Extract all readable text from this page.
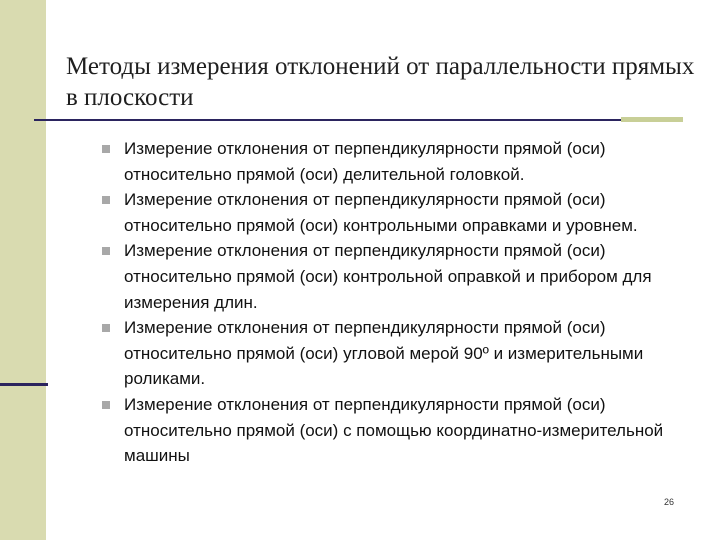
Методы измерения отклонений от параллельности прямых в плоскости
Измерение отклонения от перпендикулярности прямой (оси) относительно прямой (оси) делительной головкой.
Измерение отклонения от перпендикулярности прямой (оси) относительно прямой (оси) контрольными оправками и уровнем.
Измерение отклонения от перпендикулярности прямой (оси) относительно прямой (оси) контрольной оправкой и прибором для измерения длин.
Измерение отклонения от перпендикулярности прямой (оси) относительно прямой (оси) угловой мерой 90º и измерительными роликами.
Измерение отклонения от перпендикулярности прямой (оси) относительно прямой (оси) с помощью координатно-измерительной машины
26
